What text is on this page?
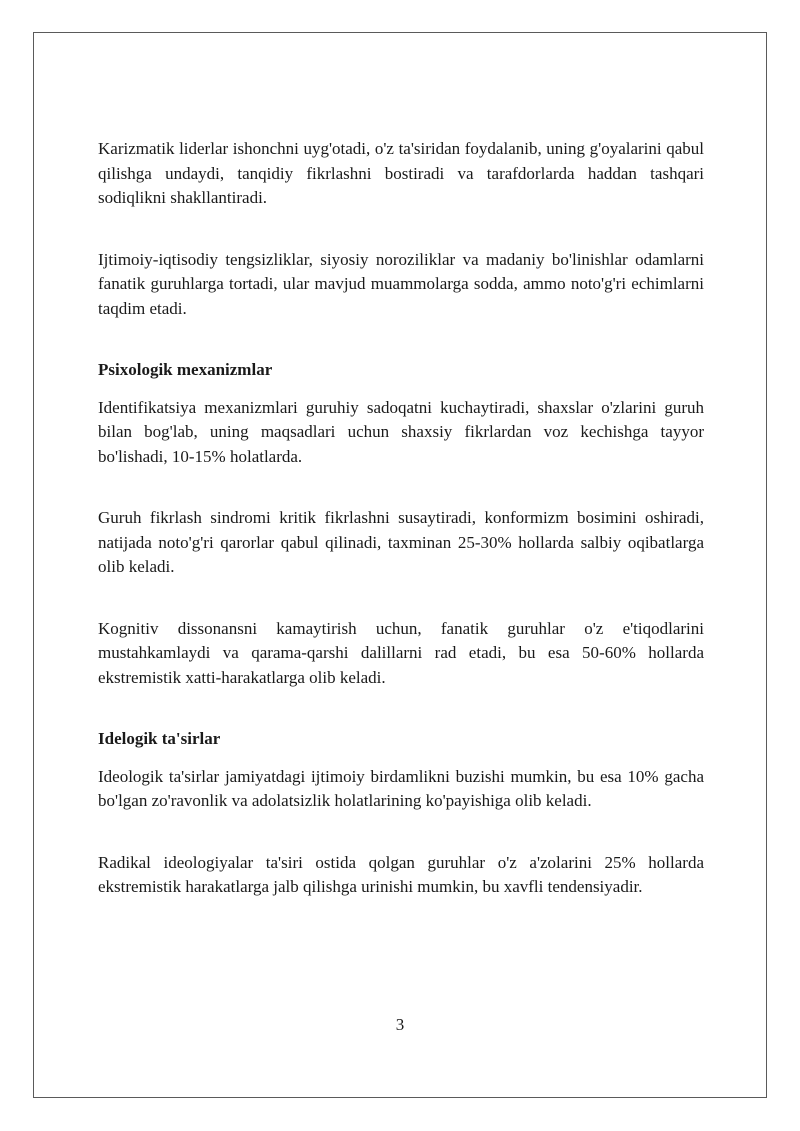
Karizmatik liderlar ishonchni uyg'otadi, o'z ta'siridan foydalanib, uning g'oyalarini qabul qilishga undaydi, tanqidiy fikrlashni bostiradi va tarafdorlarda haddan tashqari sodiqlikni shakllantiradi.

Ijtimoiy-iqtisodiy tengsizliklar, siyosiy noroziliklar va madaniy bo'linishlar odamlarni fanatik guruhlarga tortadi, ular mavjud muammolarga sodda, ammo noto'g'ri echimlarni taqdim etadi.

Psixologik mexanizmlar

Identifikatsiya mexanizmlari guruhiy sadoqatni kuchaytiradi, shaxslar o'zlarini guruh bilan bog'lab, uning maqsadlari uchun shaxsiy fikrlardan voz kechishga tayyor bo'lishadi, 10-15% holatlarda.

Guruh fikrlash sindromi kritik fikrlashni susaytiradi, konformizm bosimini oshiradi, natijada noto'g'ri qarorlar qabul qilinadi, taxminan 25-30% hollarda salbiy oqibatlarga olib keladi.

Kognitiv dissonansni kamaytirish uchun, fanatik guruhlar o'z e'tiqodlarini mustahkamlaydi va qarama-qarshi dalillarni rad etadi, bu esa 50-60% hollarda ekstremistik xatti-harakatlarga olib keladi.

Idelogik ta'sirlar

Ideologik ta'sirlar jamiyatdagi ijtimoiy birdamlikni buzishi mumkin, bu esa 10% gacha bo'lgan zo'ravonlik va adolatsizlik holatlarining ko'payishiga olib keladi.

Radikal ideologiyalar ta'siri ostida qolgan guruhlar o'z a'zolarini 25% hollarda ekstremistik harakatlarga jalb qilishga urinishi mumkin, bu xavfli tendensiyadir.

3
